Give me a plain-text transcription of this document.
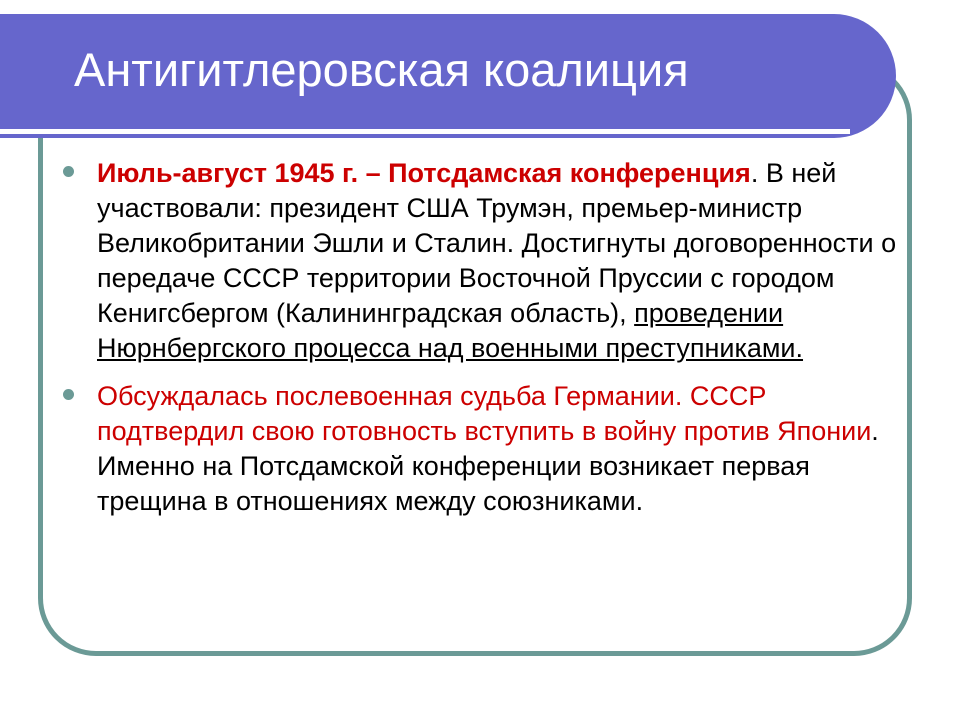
Антигитлеровская коалиция
Июль-август 1945 г. – Потсдамская конференция. В ней участвовали: президент США Трумэн, премьер-министр Великобритании Эшли и Сталин. Достигнуты договоренности о передаче СССР территории Восточной Пруссии с городом Кенигсбергом (Калининградская область), проведении Нюрнбергского процесса над военными преступниками.
Обсуждалась послевоенная судьба Германии. СССР подтвердил свою готовность вступить в войну против Японии. Именно на Потсдамской конференции возникает первая трещина в отношениях между союзниками.
